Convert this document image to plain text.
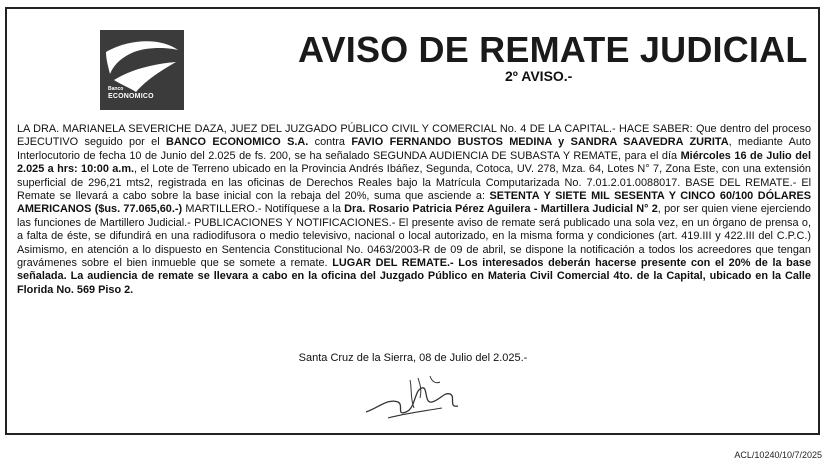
Banco
ECONOMICO
AVISO DE REMATE JUDICIAL
2º AVISO.-
LA DRA. MARIANELA SEVERICHE DAZA, JUEZ DEL JUZGADO PÚBLICO CIVIL Y COMERCIAL No. 4 DE LA CAPITAL.- HACE SABER: Que dentro del proceso EJECUTIVO seguido por el BANCO ECONOMICO S.A. contra FAVIO FERNANDO BUSTOS MEDINA y SANDRA SAAVEDRA ZURITA, mediante Auto Interlocutorio de fecha 10 de Junio del 2.025 de fs. 200, se ha señalado SEGUNDA AUDIENCIA DE SUBASTA Y REMATE, para el día Miércoles 16 de Julio del 2.025 a hrs: 10:00 a.m., el Lote de Terreno ubicado en la Provincia Andrés Ibáñez, Segunda, Cotoca, UV. 278, Mza. 64, Lotes N° 7, Zona Este, con una extensión superficial de 296,21 mts2, registrada en las oficinas de Derechos Reales bajo la Matrícula Computarizada No. 7.01.2.01.0088017. BASE DEL REMATE.- El Remate se llevará a cabo sobre la base inicial con la rebaja del 20%, suma que asciende a: SETENTA Y SIETE MIL SESENTA Y CINCO 60/100 DÓLARES AMERICANOS ($us. 77.065,60.-) MARTILLERO.- Notifíquese a la Dra. Rosario Patricia Pérez Aguilera - Martillera Judicial N° 2, por ser quien viene ejerciendo las funciones de Martillero Judicial.- PUBLICACIONES Y NOTIFICACIONES.- El presente aviso de remate será publicado una sola vez, en un órgano de prensa o, a falta de éste, se difundirá en una radiodifusora o medio televisivo, nacional o local autorizado, en la misma forma y condiciones (art. 419.III y 422.III del C.P.C.) Asimismo, en atención a lo dispuesto en Sentencia Constitucional No. 0463/2003-R de 09 de abril, se dispone la notificación a todos los acreedores que tengan gravámenes sobre el bien inmueble que se somete a remate. LUGAR DEL REMATE.- Los interesados deberán hacerse presente con el 20% de la base señalada. La audiencia de remate se llevara a cabo en la oficina del Juzgado Público en Materia Civil Comercial 4to. de la Capital, ubicado en la Calle Florida No. 569 Piso 2.
Santa Cruz de la Sierra, 08 de Julio del 2.025.-
ACL/10240/10/7/2025
